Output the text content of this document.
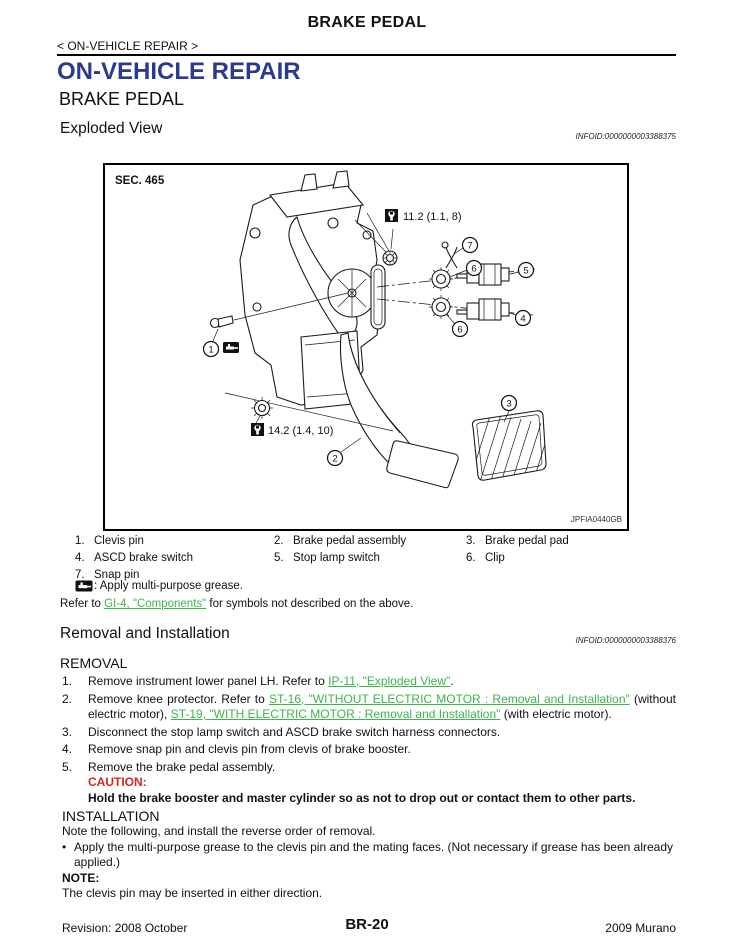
BRAKE PEDAL
< ON-VEHICLE REPAIR >
ON-VEHICLE REPAIR
BRAKE PEDAL
Exploded View	INFOID:0000000003388375
SEC. 465
11.2 (1.1, 8)
14.2 (1.4, 10)
1
2
3
4
5
6
6
7
JPFIA0440GB
1. Clevis pin	2. Brake pedal assembly	3. Brake pedal pad
4. ASCD brake switch	5. Stop lamp switch	6. Clip
7. Snap pin
: Apply multi-purpose grease.
Refer to GI-4, "Components" for symbols not described on the above.
Removal and Installation	INFOID:0000000003388376
REMOVAL
1.	Remove instrument lower panel LH. Refer to IP-11, "Exploded View".
2.	Remove knee protector. Refer to ST-16, "WITHOUT ELECTRIC MOTOR : Removal and Installation" (without electric motor), ST-19, "WITH ELECTRIC MOTOR : Removal and Installation" (with electric motor).
3.	Disconnect the stop lamp switch and ASCD brake switch harness connectors.
4.	Remove snap pin and clevis pin from clevis of brake booster.
5.	Remove the brake pedal assembly.
CAUTION:
Hold the brake booster and master cylinder so as not to drop out or contact them to other parts.
INSTALLATION
Note the following, and install the reverse order of removal.
• Apply the multi-purpose grease to the clevis pin and the mating faces. (Not necessary if grease has been already applied.)
NOTE:
The clevis pin may be inserted in either direction.
Revision: 2008 October	BR-20	2009 Murano
